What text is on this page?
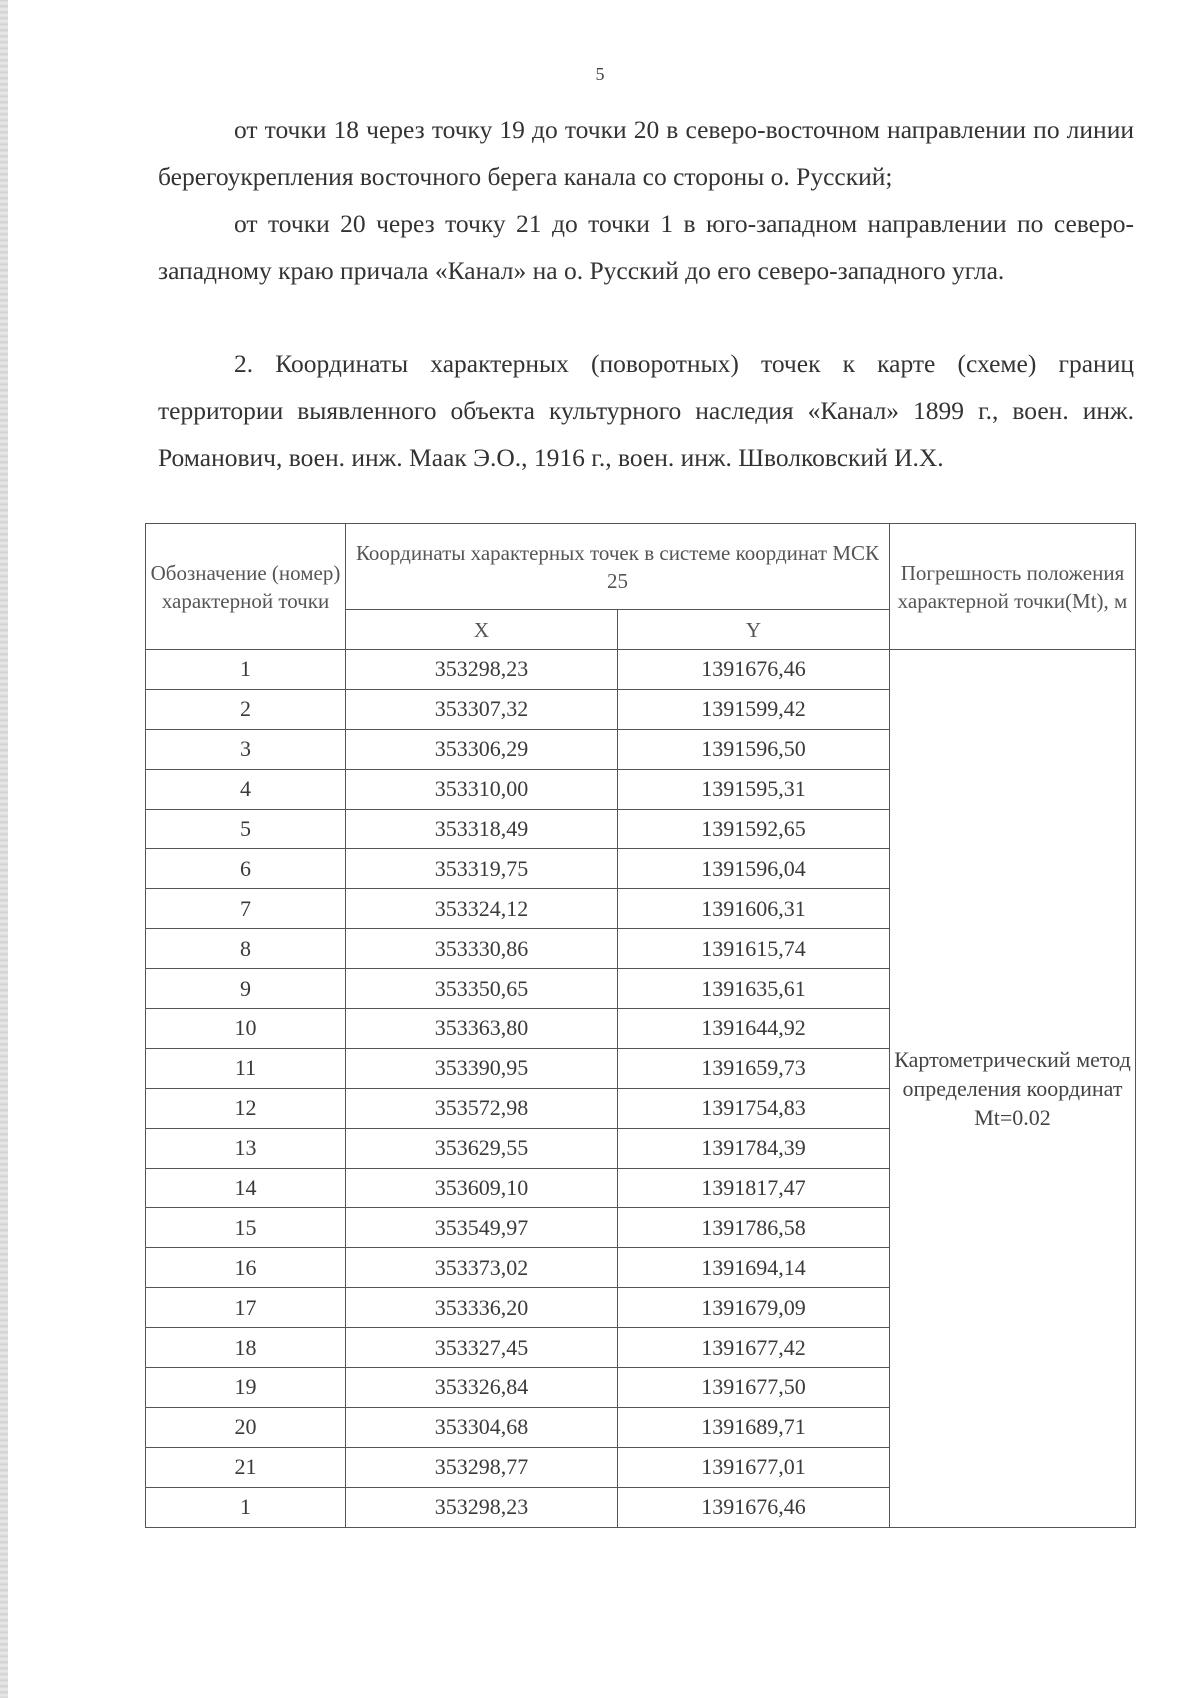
5

от точки 18 через точку 19 до точки 20 в северо-восточном направлении по линии берегоукрепления восточного берега канала со стороны о. Русский;

от точки 20 через точку 21 до точки 1 в юго-западном направлении по северо-западному краю причала «Канал» на о. Русский до его северо-западного угла.

2. Координаты характерных (поворотных) точек к карте (схеме) границ территории выявленного объекта культурного наследия «Канал» 1899 г., воен. инж. Романович, воен. инж. Маак Э.О., 1916 г., воен. инж. Шволковский И.Х.

Обозначение (номер) характерной точки	Координаты характерных точек в системе координат МСК 25		Погрешность положения характерной точки(Mt), м
	X	Y	
1	353298,23	1391676,46	Картометрический метод определения координат Mt=0.02
2	353307,32	1391599,42	
3	353306,29	1391596,50	
4	353310,00	1391595,31	
5	353318,49	1391592,65	
6	353319,75	1391596,04	
7	353324,12	1391606,31	
8	353330,86	1391615,74	
9	353350,65	1391635,61	
10	353363,80	1391644,92	
11	353390,95	1391659,73	
12	353572,98	1391754,83	
13	353629,55	1391784,39	
14	353609,10	1391817,47	
15	353549,97	1391786,58	
16	353373,02	1391694,14	
17	353336,20	1391679,09	
18	353327,45	1391677,42	
19	353326,84	1391677,50	
20	353304,68	1391689,71	
21	353298,77	1391677,01	
1	353298,23	1391676,46	
